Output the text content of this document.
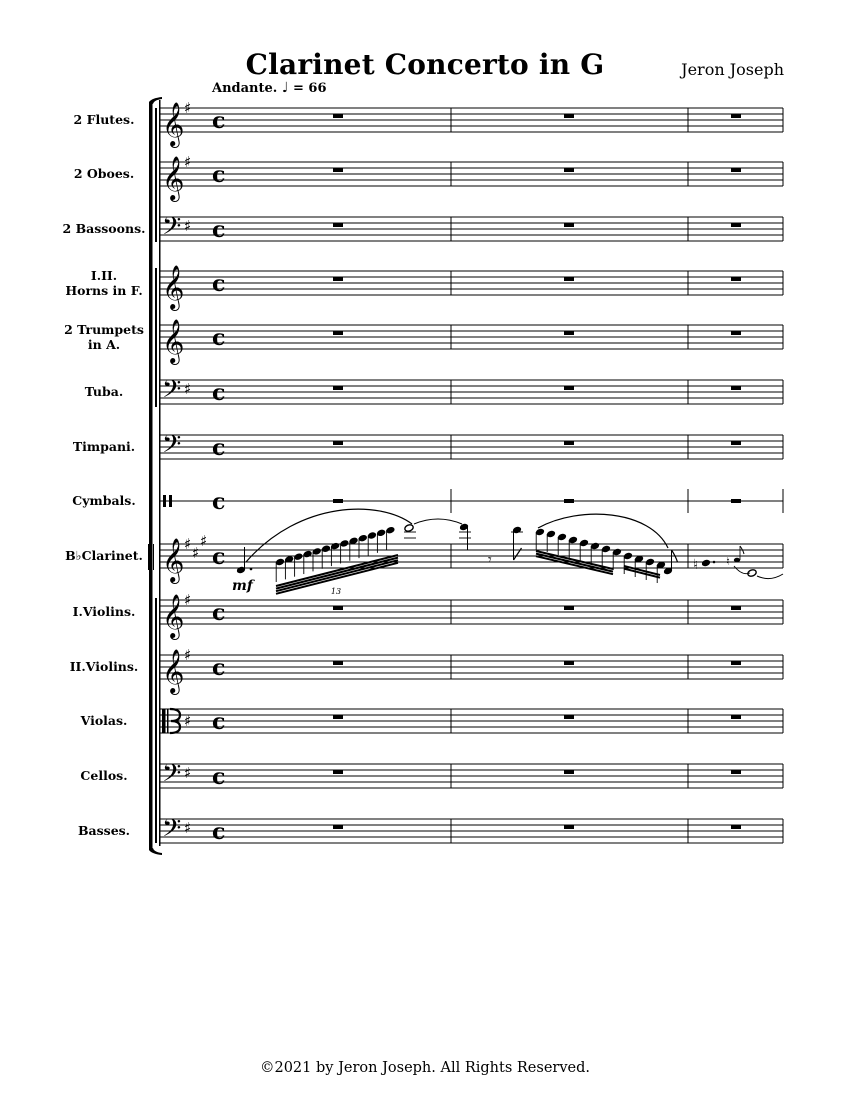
Clarinet Concerto in G	Jeron Joseph
Andante. ♩ = 66
𝄞 ♯ c
𝄞 ♯ c
𝄢 ♯ c
𝄞 c
𝄞 c
𝄢 ♯ c
𝄢 c
c
𝄞 ♯ ♯
♯
c
𝄞 ♯ c
𝄞 ♯ c
♯ c
𝄢 ♯ c
𝄢 ♯ c
2 Flutes.
2 Oboes.
2 Bassoons.
I.II.
Horns in F.
2 Trumpets
in A.
Tuba.
Timpani.
Cymbals.
B♭Clarinet.
I.Violins.
II.Violins.
Violas.
Cellos.
Basses.
13
𝄾	♮	♮
mf
©2021 by Jeron Joseph. All Rights Reserved.
